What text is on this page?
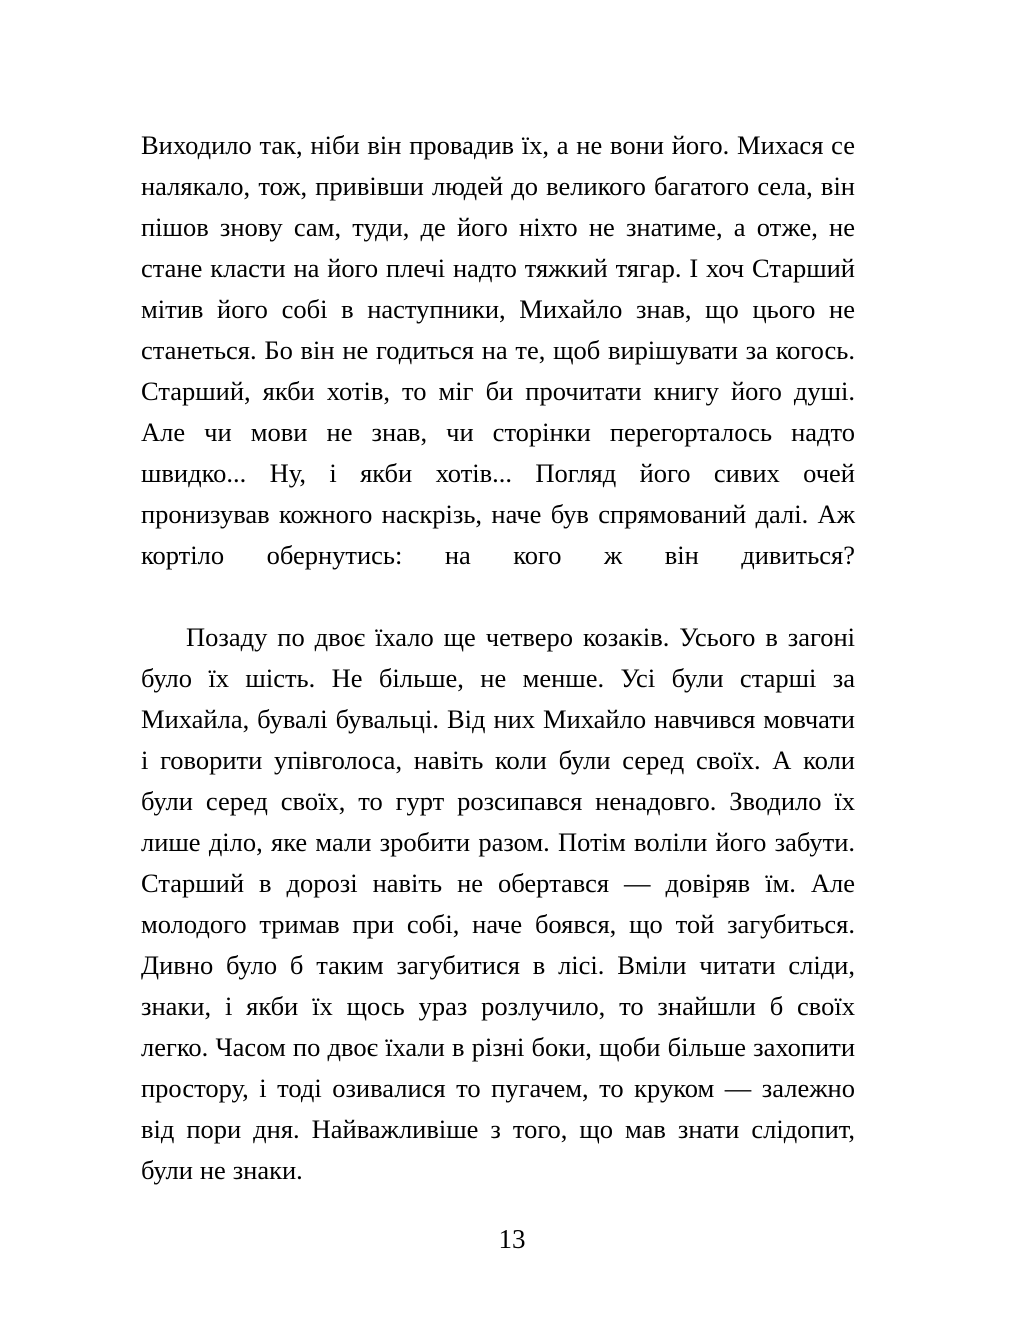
Виходило так, ніби він провадив їх, а не вони його. Михася се налякало, тож, привівши людей до великого багатого села, він пішов знову сам, туди, де його ніхто не знатиме, а отже, не стане класти на його плечі надто тяжкий тягар. І хоч Старший мітив його собі в наступники, Михайло знав, що цього не станеться. Бо він не годиться на те, щоб вирішувати за когось. Старший, якби хотів, то міг би прочитати книгу його душі. Але чи мови не знав, чи сторінки перегорталось надто швидко... Ну, і якби хотів... Погляд його сивих очей пронизував кожного наскрізь, наче був спрямований далі. Аж кортіло обернутись: на кого ж він дивиться?

Позаду по двоє їхало ще четверо козаків. Усього в загоні було їх шість. Не більше, не менше. Усі були старші за Михайла, бувалі бувальці. Від них Михайло навчився мовчати і говорити упівголоса, навіть коли були серед своїх. А коли були серед своїх, то гурт розсипався ненадовго. Зводило їх лише діло, яке мали зробити разом. Потім воліли його забути. Старший в дорозі навіть не обертався — довіряв їм. Але молодого тримав при собі, наче боявся, що той загубиться. Дивно було б таким загубитися в лісі. Вміли читати сліди, знаки, і якби їх щось ураз розлучило, то знайшли б своїх легко. Часом по двоє їхали в різні боки, щоби більше захопити простору, і тоді озивалися то пугачем, то круком — залежно від пори дня. Найважливіше з того, що мав знати слідопит, були не знаки.

13
